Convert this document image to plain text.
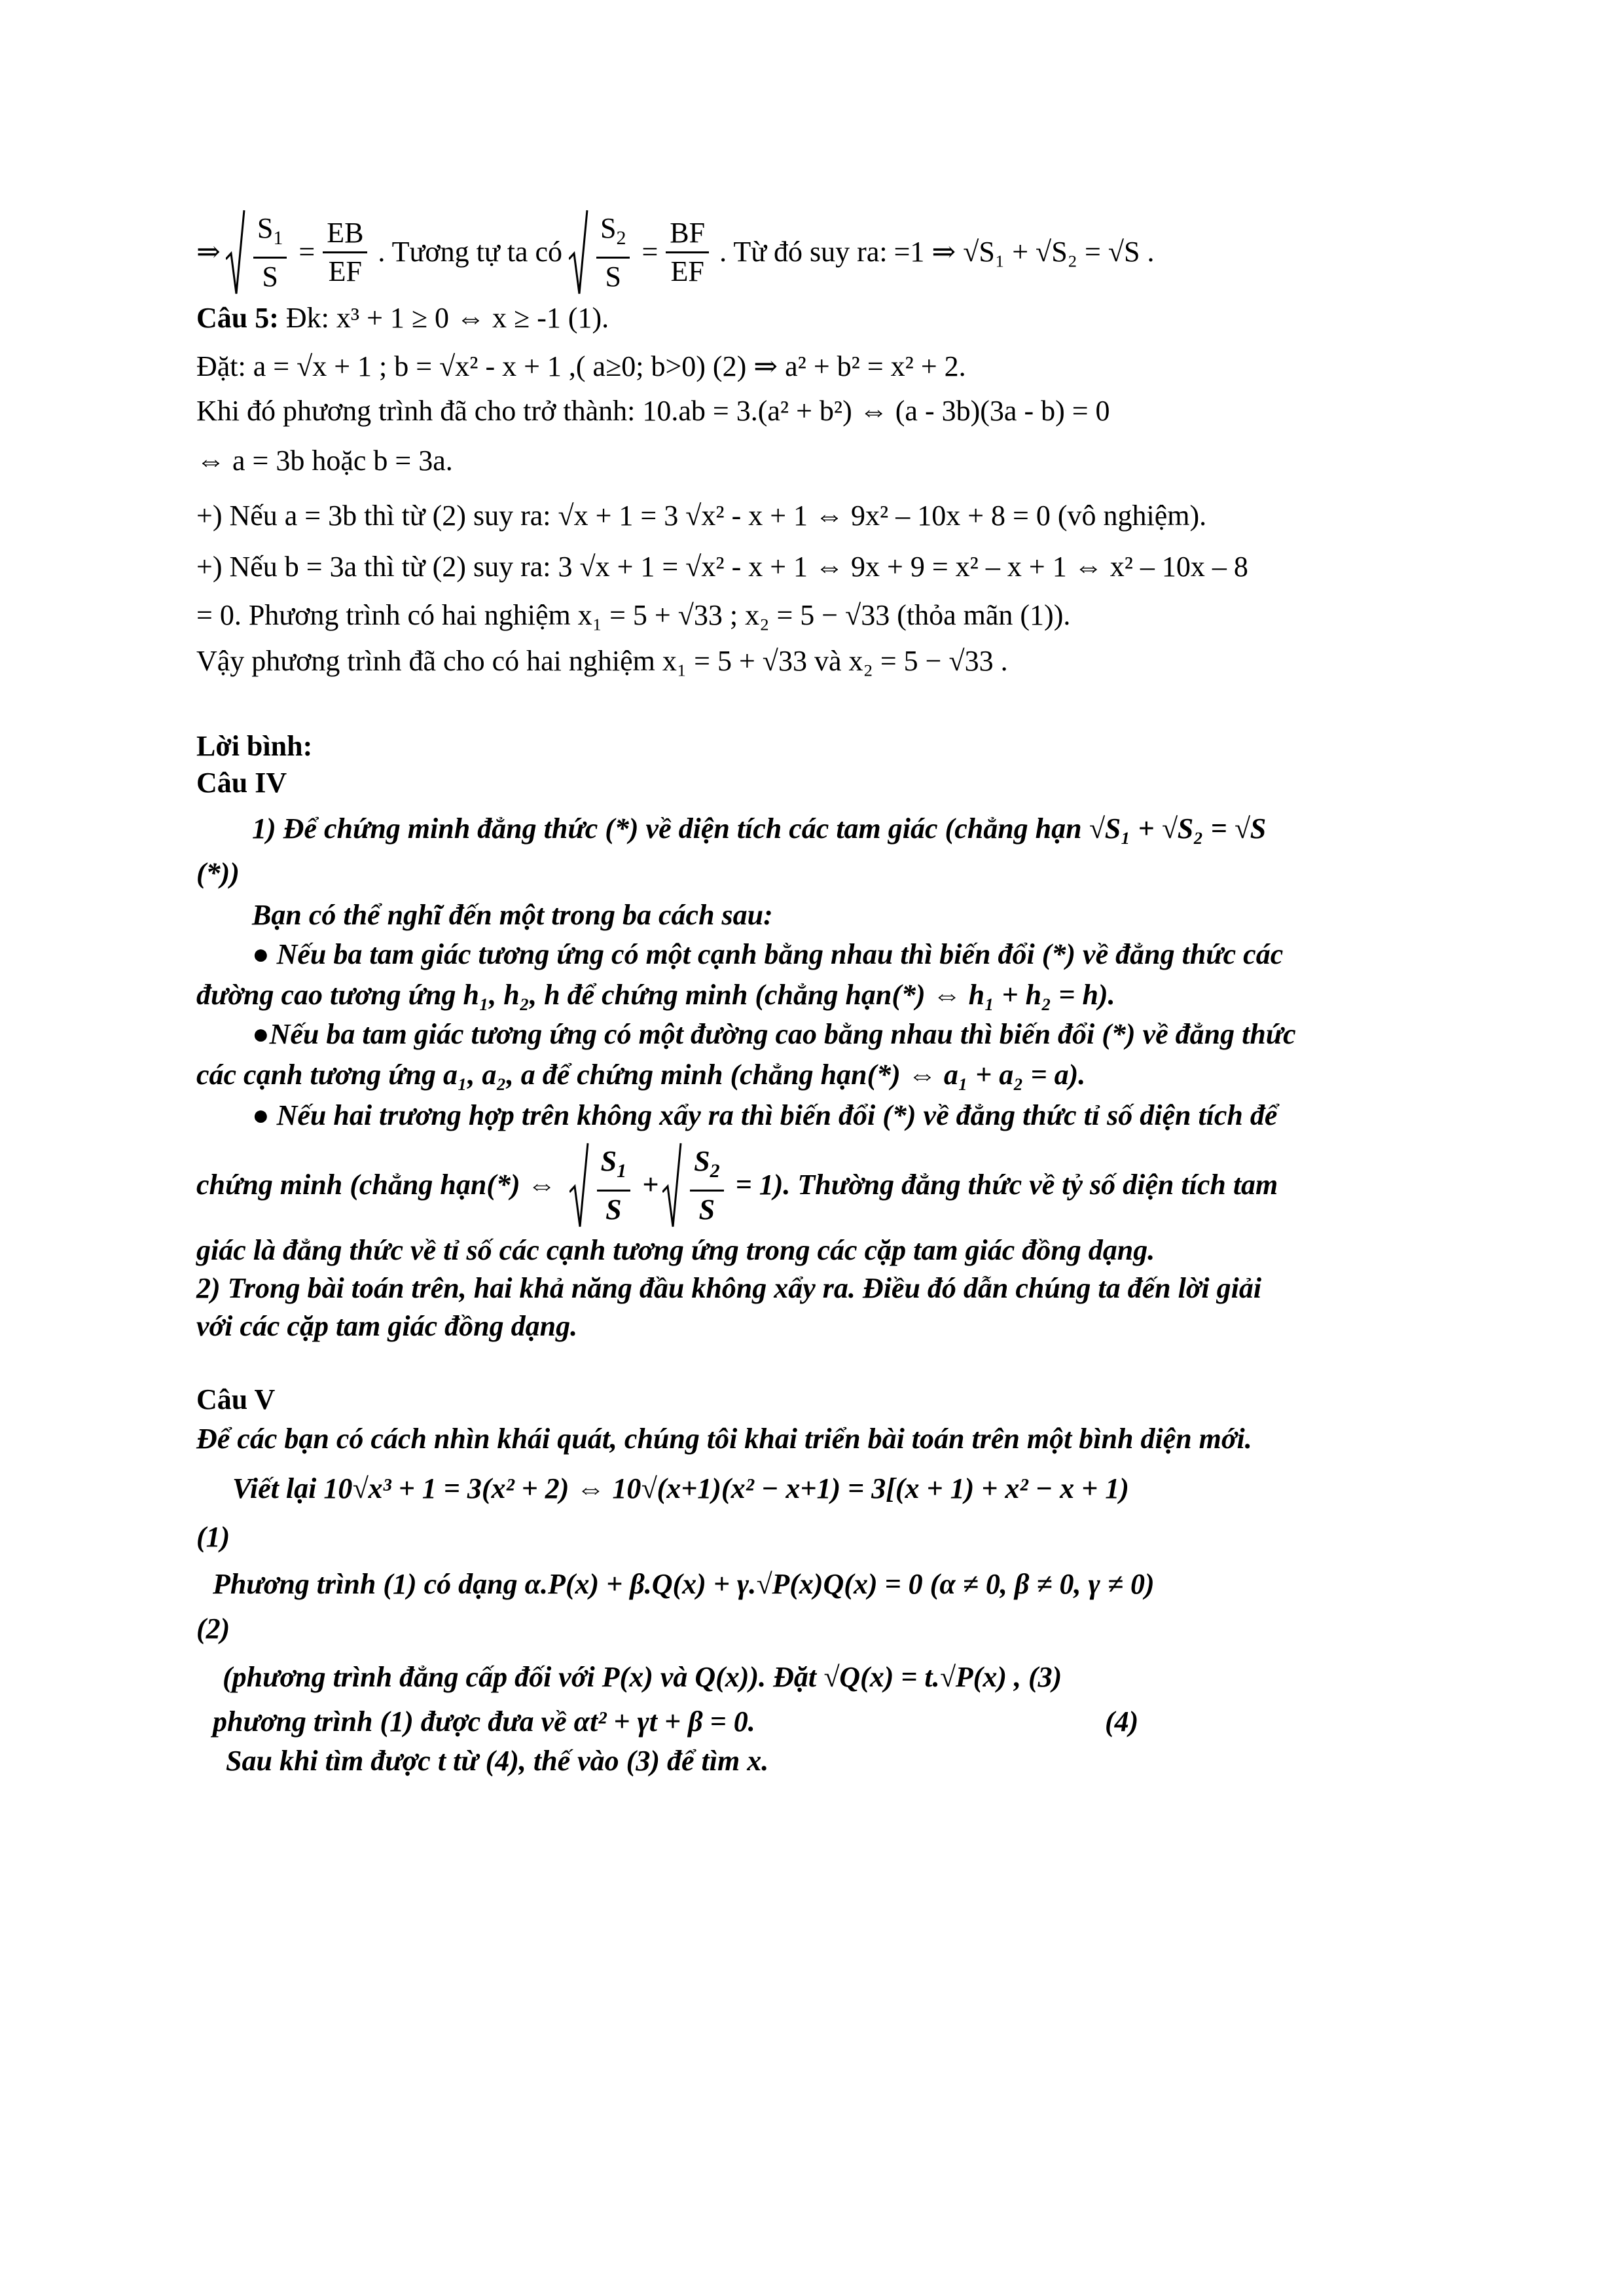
⇒ $\frac{S_1}{S} = \frac{EB}{EF}$ . Tương tự ta có $\frac{S_2}{S} = \frac{BF}{EF}$ . Từ đó suy ra: =1 ⇒ √S₁ + √S₂ = √S .
Câu 5: Đk: x³ + 1 ≥ 0 ⇔ x ≥ -1 (1).
Đặt: a = √x + 1 ; b = √x² - x + 1 ,( a≥0; b>0) (2) ⇒ a² + b² = x² + 2.
Khi đó phương trình đã cho trở thành: 10.ab = 3.(a² + b²) ⇔ (a - 3b)(3a - b) = 0
⇔ a = 3b hoặc b = 3a.
+) Nếu a = 3b thì từ (2) suy ra: √x + 1 = 3 √x² - x + 1 ⇔ 9x² – 10x + 8 = 0 (vô nghiệm).
+) Nếu b = 3a thì từ (2) suy ra: 3 √x + 1 = √x² - x + 1 ⇔ 9x + 9 = x² – x + 1 ⇔ x² – 10x – 8
= 0. Phương trình có hai nghiệm x₁ = 5 + √33 ; x₂ = 5 − √33 (thỏa mãn (1)).
Vậy phương trình đã cho có hai nghiệm x₁ = 5 + √33 và x₂ = 5 − √33 .
Lời bình:
Câu IV
1) Để chứng minh đẳng thức (*) về diện tích các tam giác (chẳng hạn √S₁ + √S₂ = √S
(*))
Bạn có thể nghĩ đến một trong ba cách sau:
● Nếu ba tam giác tương ứng có một cạnh bằng nhau thì biến đổi (*) về đẳng thức các
đường cao tương ứng h₁, h₂, h để chứng minh (chẳng hạn(*) ⇔ h₁ + h₂ = h).
●Nếu ba tam giác tương ứng có một đường cao bằng nhau thì biến đổi (*) về đẳng thức
các cạnh tương ứng a₁, a₂, a để chứng minh (chẳng hạn(*) ⇔ a₁ + a₂ = a).
● Nếu hai trương hợp trên không xẩy ra thì biến đổi (*) về đẳng thức tỉ số diện tích để
chứng minh (chẳng hạn(*) ⇔ $\frac{S_1}{S} + \frac{S_2}{S} = 1$). Thường đẳng thức về tỷ số diện tích tam
giác là đẳng thức về tỉ số các cạnh tương ứng trong các cặp tam giác đồng dạng.
2) Trong bài toán trên, hai khả năng đầu không xẩy ra. Điều đó dẫn chúng ta đến lời giải
với các cặp tam giác đồng dạng.
Câu V
Để các bạn có cách nhìn khái quát, chúng tôi khai triển bài toán trên một bình diện mới.
Viết lại 10√x³ + 1 = 3(x² + 2) ⇔ 10√(x+1)(x² − x+1) = 3[(x + 1) + x² − x + 1)
(1)
Phương trình (1) có dạng α.P(x) + β.Q(x) + γ.√P(x)Q(x) = 0 (α ≠ 0, β ≠ 0, γ ≠ 0)
(2)
(phương trình đẳng cấp đối với P(x) và Q(x)). Đặt √Q(x) = t.√P(x) , (3)
phương trình (1) được đưa về αt² + γt + β = 0.	(4)
Sau khi tìm được t từ (4), thế vào (3) để tìm x.
